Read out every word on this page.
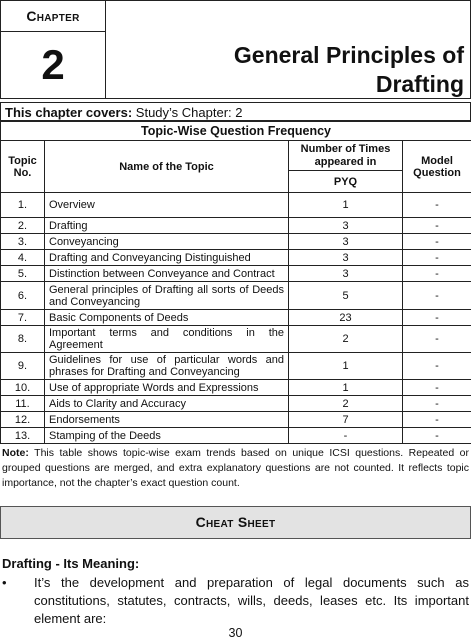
Chapter
2	General Principles of
Drafting
This chapter covers: Study’s Chapter: 2
Topic-Wise Question Frequency			
Topic No.	Name of the Topic	Number of Times appeared in	Model Question
		PYQ	
1.	Overview	1	-
2.	Drafting	3	-
3.	Conveyancing	3	-
4.	Drafting and Conveyancing Distinguished	3	-
5.	Distinction between Conveyance and Contract	3	-
6.	General principles of Drafting all sorts of Deeds and Conveyancing	5	-
7.	Basic Components of Deeds	23	-
8.	Important terms and conditions in the Agreement	2	-
9.	Guidelines for use of particular words and phrases for Drafting and Conveyancing	1	-
10.	Use of appropriate Words and Expressions	1	-
11.	Aids to Clarity and Accuracy	2	-
12.	Endorsements	7	-
13.	Stamping of the Deeds	-	-
Note: This table shows topic-wise exam trends based on unique ICSI questions. Repeated or grouped questions are merged, and extra explanatory questions are not counted. It reflects topic importance, not the chapter’s exact question count.
Cheat Sheet
Drafting - Its Meaning:
• It’s the development and preparation of legal documents such as constitutions, statutes, contracts, wills, deeds, leases etc. Its important element are:
30
